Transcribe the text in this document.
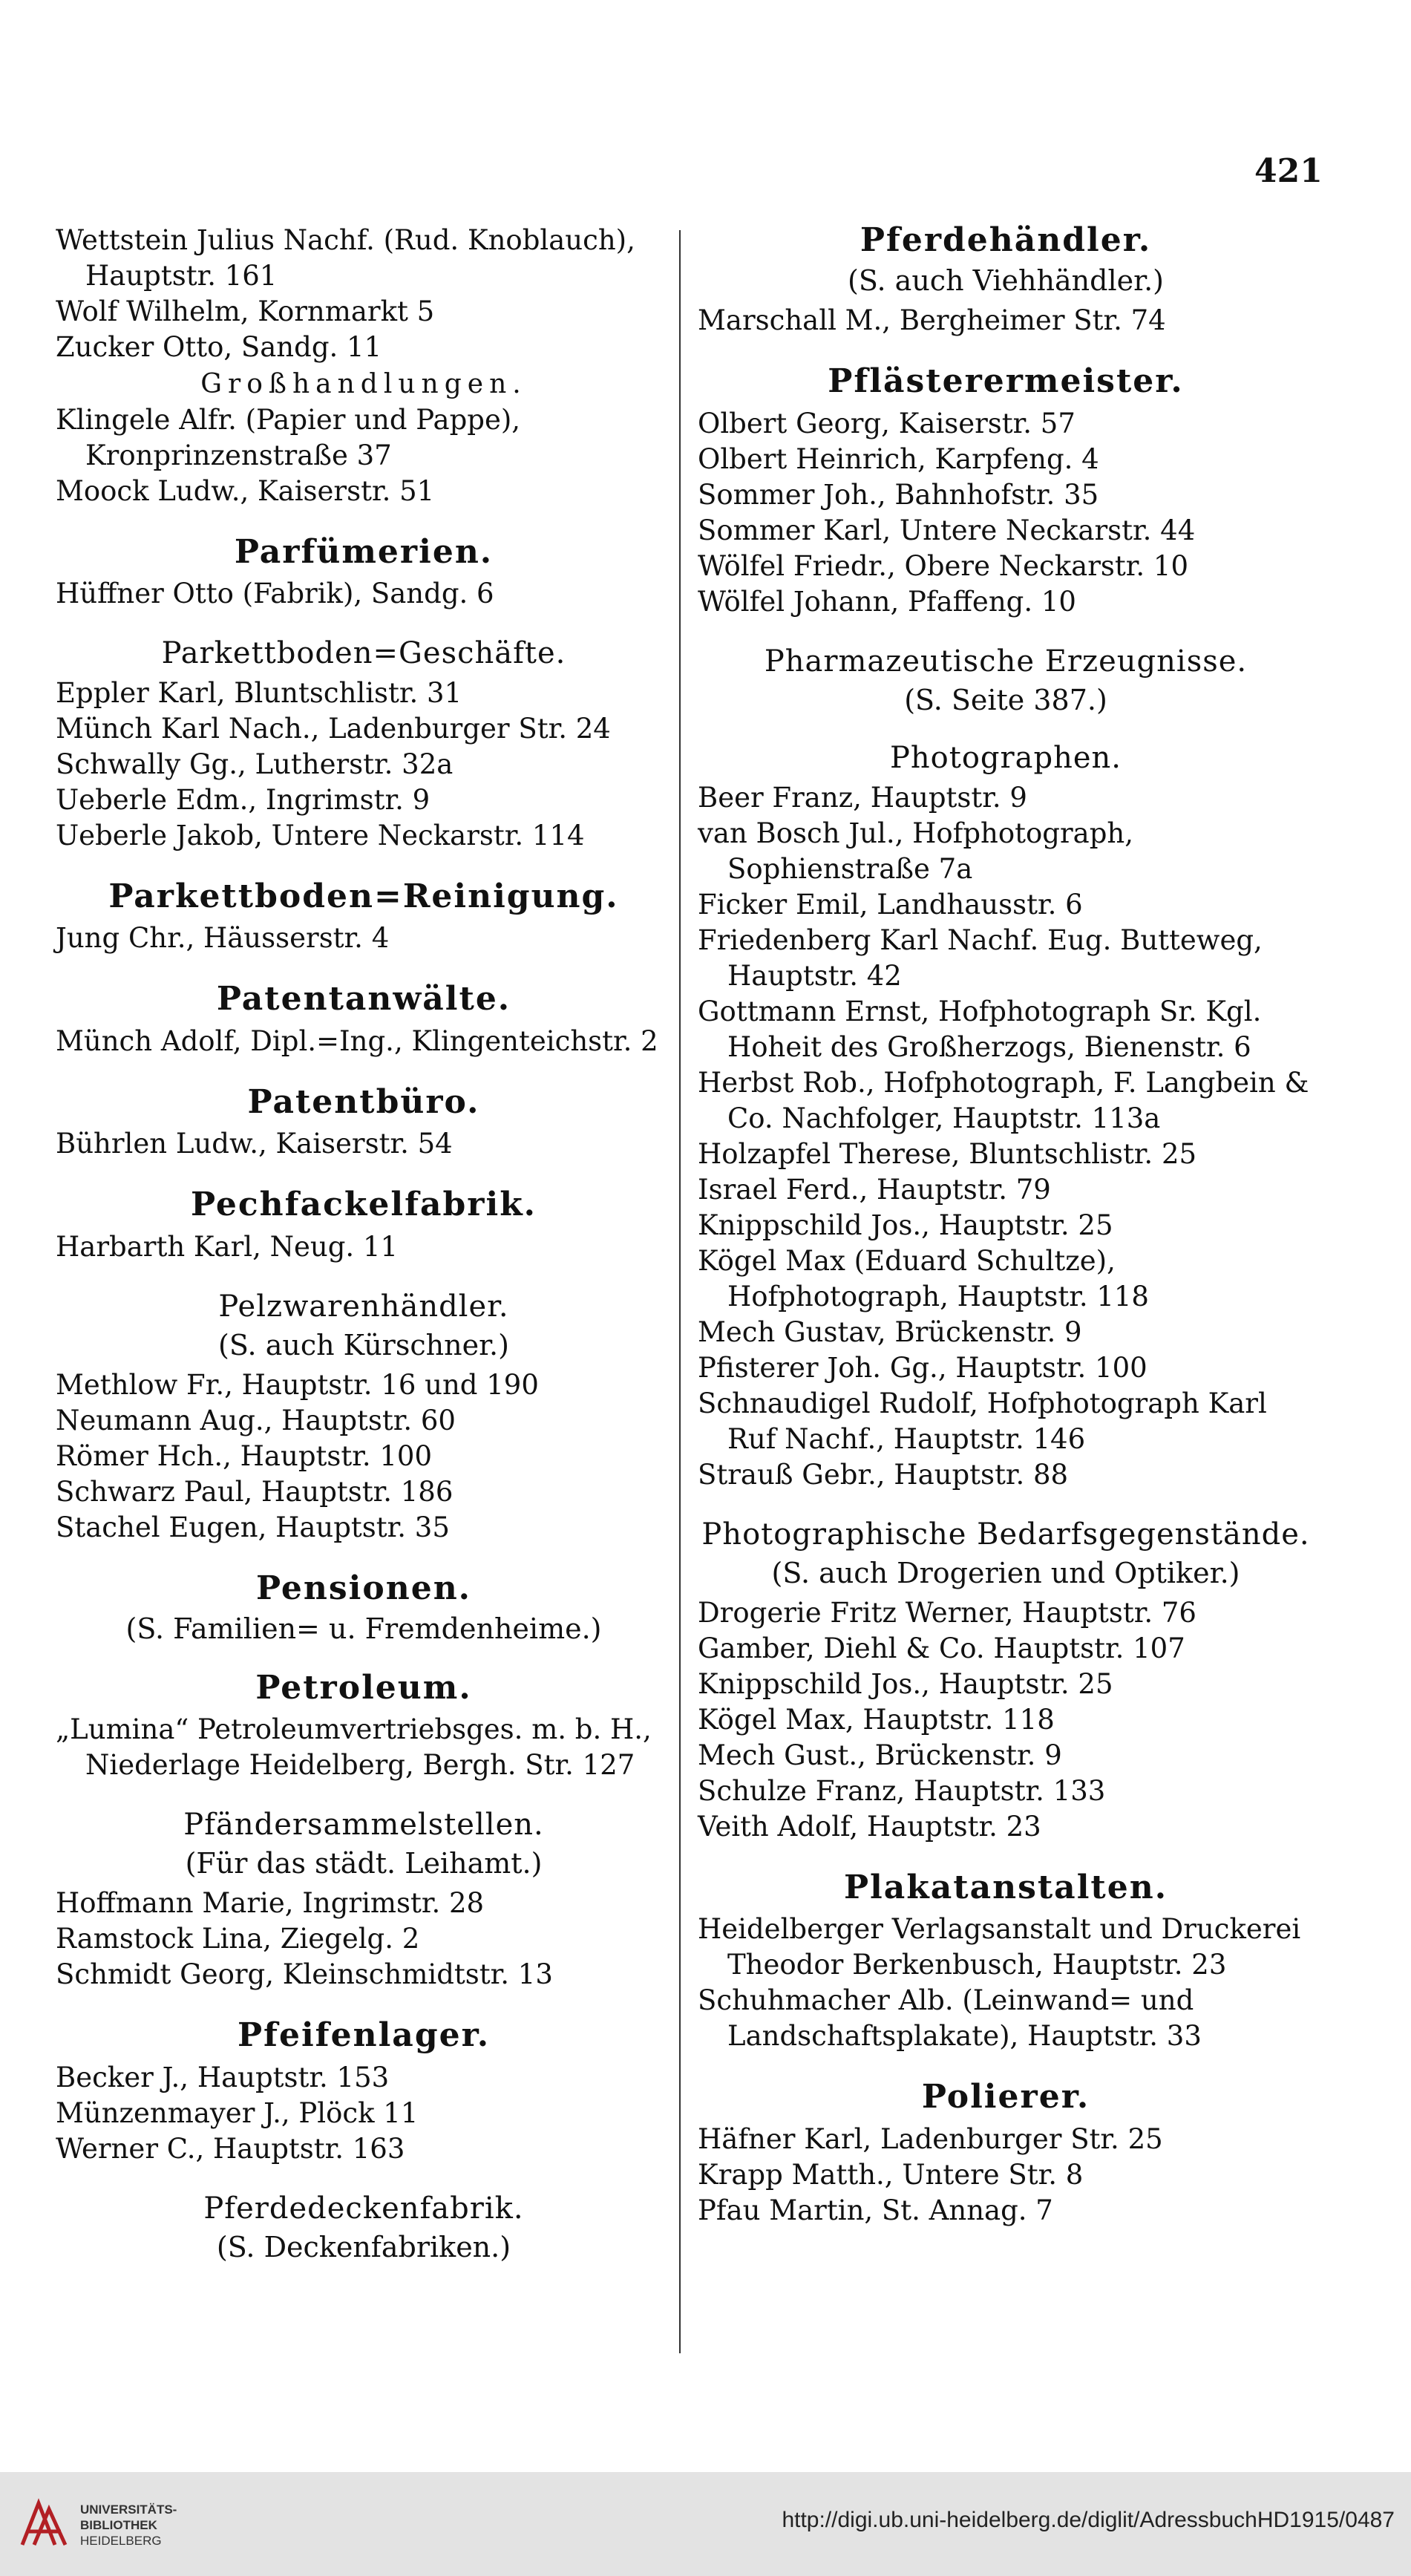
421
Wettstein Julius Nachf. (Rud. Knoblauch), Hauptstr. 161
Wolf Wilhelm, Kornmarkt 5
Zucker Otto, Sandg. 11
Großhandlungen.
Klingele Alfr. (Papier und Pappe), Kronprinzenstraße 37
Moock Ludw., Kaiserstr. 51
Parfümerien.
Hüffner Otto (Fabrik), Sandg. 6
Parkettboden=Geschäfte.
Eppler Karl, Bluntschlistr. 31
Münch Karl Nach., Ladenburger Str. 24
Schwally Gg., Lutherstr. 32a
Ueberle Edm., Ingrimstr. 9
Ueberle Jakob, Untere Neckarstr. 114
Parkettboden=Reinigung.
Jung Chr., Häusserstr. 4
Patentanwälte.
Münch Adolf, Dipl.=Ing., Klingenteichstr. 2
Patentbüro.
Bührlen Ludw., Kaiserstr. 54
Pechfackelfabrik.
Harbarth Karl, Neug. 11
Pelzwarenhändler.
(S. auch Kürschner.)
Methlow Fr., Hauptstr. 16 und 190
Neumann Aug., Hauptstr. 60
Römer Hch., Hauptstr. 100
Schwarz Paul, Hauptstr. 186
Stachel Eugen, Hauptstr. 35
Pensionen.
(S. Familien= u. Fremdenheime.)
Petroleum.
„Lumina“ Petroleumvertriebsges. m. b. H., Niederlage Heidelberg, Bergh. Str. 127
Pfändersammelstellen.
(Für das städt. Leihamt.)
Hoffmann Marie, Ingrimstr. 28
Ramstock Lina, Ziegelg. 2
Schmidt Georg, Kleinschmidtstr. 13
Pfeifenlager.
Becker J., Hauptstr. 153
Münzenmayer J., Plöck 11
Werner C., Hauptstr. 163
Pferdedeckenfabrik.
(S. Deckenfabriken.)
Pferdehändler.
(S. auch Viehhändler.)
Marschall M., Bergheimer Str. 74
Pflästerermeister.
Olbert Georg, Kaiserstr. 57
Olbert Heinrich, Karpfeng. 4
Sommer Joh., Bahnhofstr. 35
Sommer Karl, Untere Neckarstr. 44
Wölfel Friedr., Obere Neckarstr. 10
Wölfel Johann, Pfaffeng. 10
Pharmazeutische Erzeugnisse.
(S. Seite 387.)
Photographen.
Beer Franz, Hauptstr. 9
van Bosch Jul., Hofphotograph, Sophienstraße 7a
Ficker Emil, Landhausstr. 6
Friedenberg Karl Nachf. Eug. Butteweg, Hauptstr. 42
Gottmann Ernst, Hofphotograph Sr. Kgl. Hoheit des Großherzogs, Bienenstr. 6
Herbst Rob., Hofphotograph, F. Langbein & Co. Nachfolger, Hauptstr. 113a
Holzapfel Therese, Bluntschlistr. 25
Israel Ferd., Hauptstr. 79
Knippschild Jos., Hauptstr. 25
Kögel Max (Eduard Schultze), Hofphotograph, Hauptstr. 118
Mech Gustav, Brückenstr. 9
Pfisterer Joh. Gg., Hauptstr. 100
Schnaudigel Rudolf, Hofphotograph Karl Ruf Nachf., Hauptstr. 146
Strauß Gebr., Hauptstr. 88
Photographische Bedarfsgegenstände.
(S. auch Drogerien und Optiker.)
Drogerie Fritz Werner, Hauptstr. 76
Gamber, Diehl & Co. Hauptstr. 107
Knippschild Jos., Hauptstr. 25
Kögel Max, Hauptstr. 118
Mech Gust., Brückenstr. 9
Schulze Franz, Hauptstr. 133
Veith Adolf, Hauptstr. 23
Plakatanstalten.
Heidelberger Verlagsanstalt und Druckerei Theodor Berkenbusch, Hauptstr. 23
Schuhmacher Alb. (Leinwand= und Landschaftsplakate), Hauptstr. 33
Polierer.
Häfner Karl, Ladenburger Str. 25
Krapp Matth., Untere Str. 8
Pfau Martin, St. Annag. 7
UNIVERSITÄTS-
BIBLIOTHEK
HEIDELBERG
http://digi.ub.uni-heidelberg.de/diglit/AdressbuchHD1915/0487
